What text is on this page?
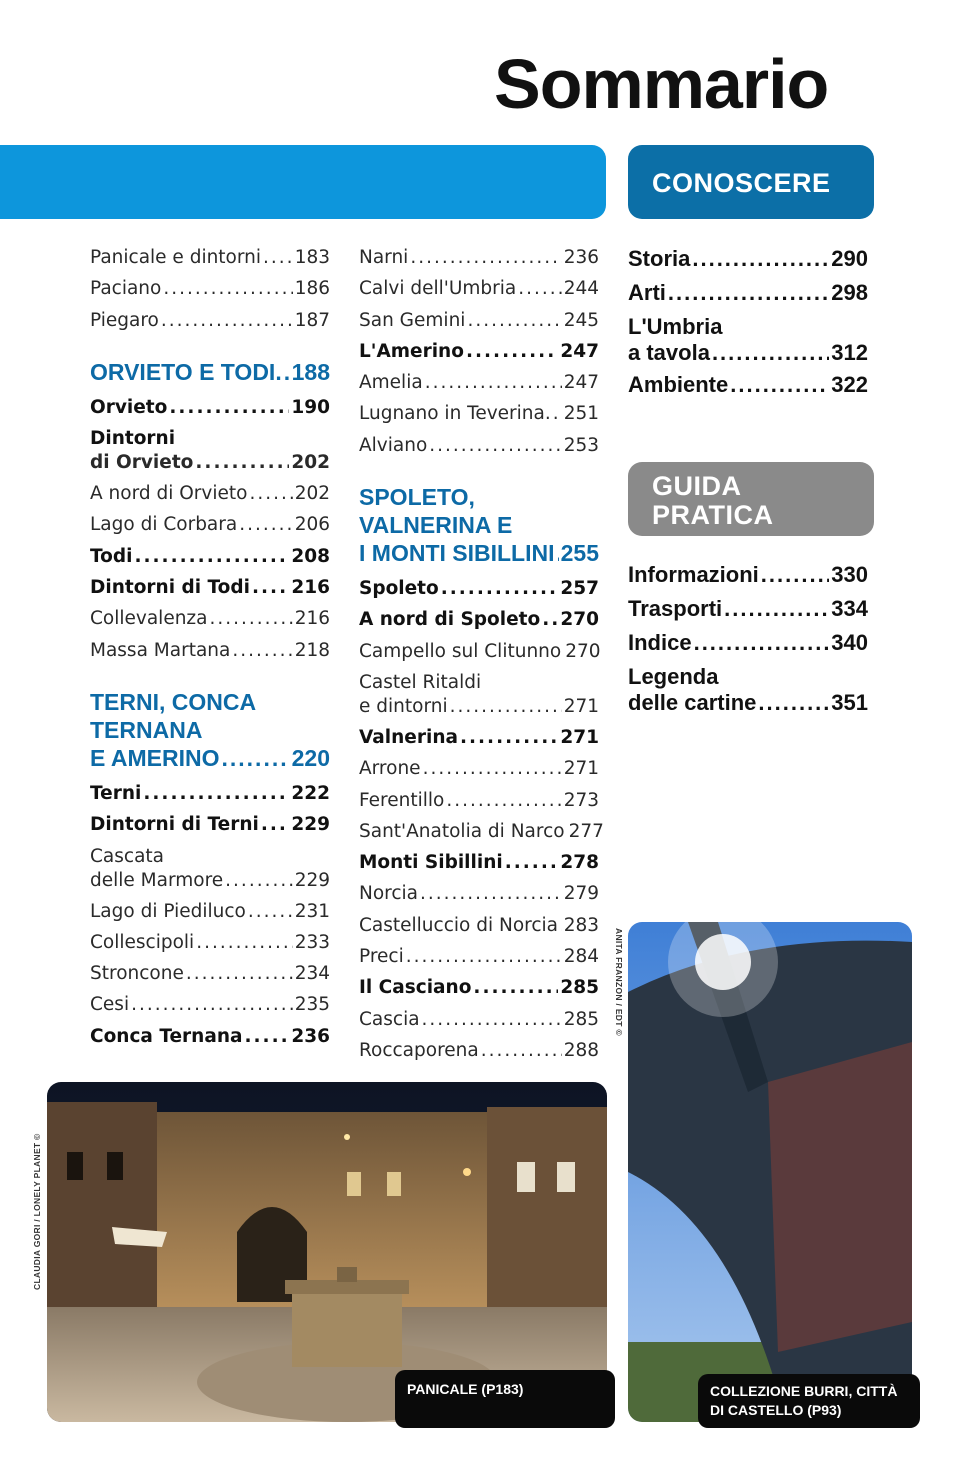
Sommario
CONOSCERE
GUIDA
PRATICA
Panicale e dintorni ..... 183
Paciano .....	186
Piegaro .....	187
ORVIETO E TODI. ..... 188
Orvieto .....	190
Dintorni
di Orvieto .....	202
A nord di Orvieto .....	202
Lago di Corbara .....	206
Todi .....	208
Dintorni di Todi ..... 216
Collevalenza .....	216
Massa Martana .....	218
TERNI, CONCA
TERNANA
E AMERINO .....	220
Terni .....	222
Dintorni di Terni ..... 229
Cascata
delle Marmore .....	229
Lago di Piediluco .....	231
Collescipoli .....	233
Stroncone .....	234
Cesi .....	235
Conca Ternana .....	236
Narni .....	236
Calvi dell'Umbria .....	244
San Gemini .....	245
L'Amerino .....	247
Amelia .....	247
Lugnano in Teverina. ..... 251
Alviano .....	253
SPOLETO,
VALNERINA E
I MONTI SIBILLINI ..... 255
Spoleto .....	257
A nord di Spoleto ..... 270
Campello sul Clitunno 270
Castel Ritaldi
e dintorni .....	271
Valnerina .....	271
Arrone .....	271
Ferentillo .....	273
Sant'Anatolia di Narco 277
Monti Sibillini .....	278
Norcia .....	279
Castelluccio di Norcia ..... 283
Preci .....	284
Il Casciano .....	285
Cascia .....	285
Roccaporena .....	288
Storia .....	290
Arti .....	298
L'Umbria
a tavola .....	312
Ambiente .....	322
Informazioni .....	330
Trasporti .....	334
Indice .....	340
Legenda
delle cartine .....	351
PANICALE (P183)	COLLEZIONE BURRI, CITTÀ
DI CASTELLO (P93)
CLAUDIA GORI / LONELY PLANET ©
ANITA FRANZON / EDT ©
